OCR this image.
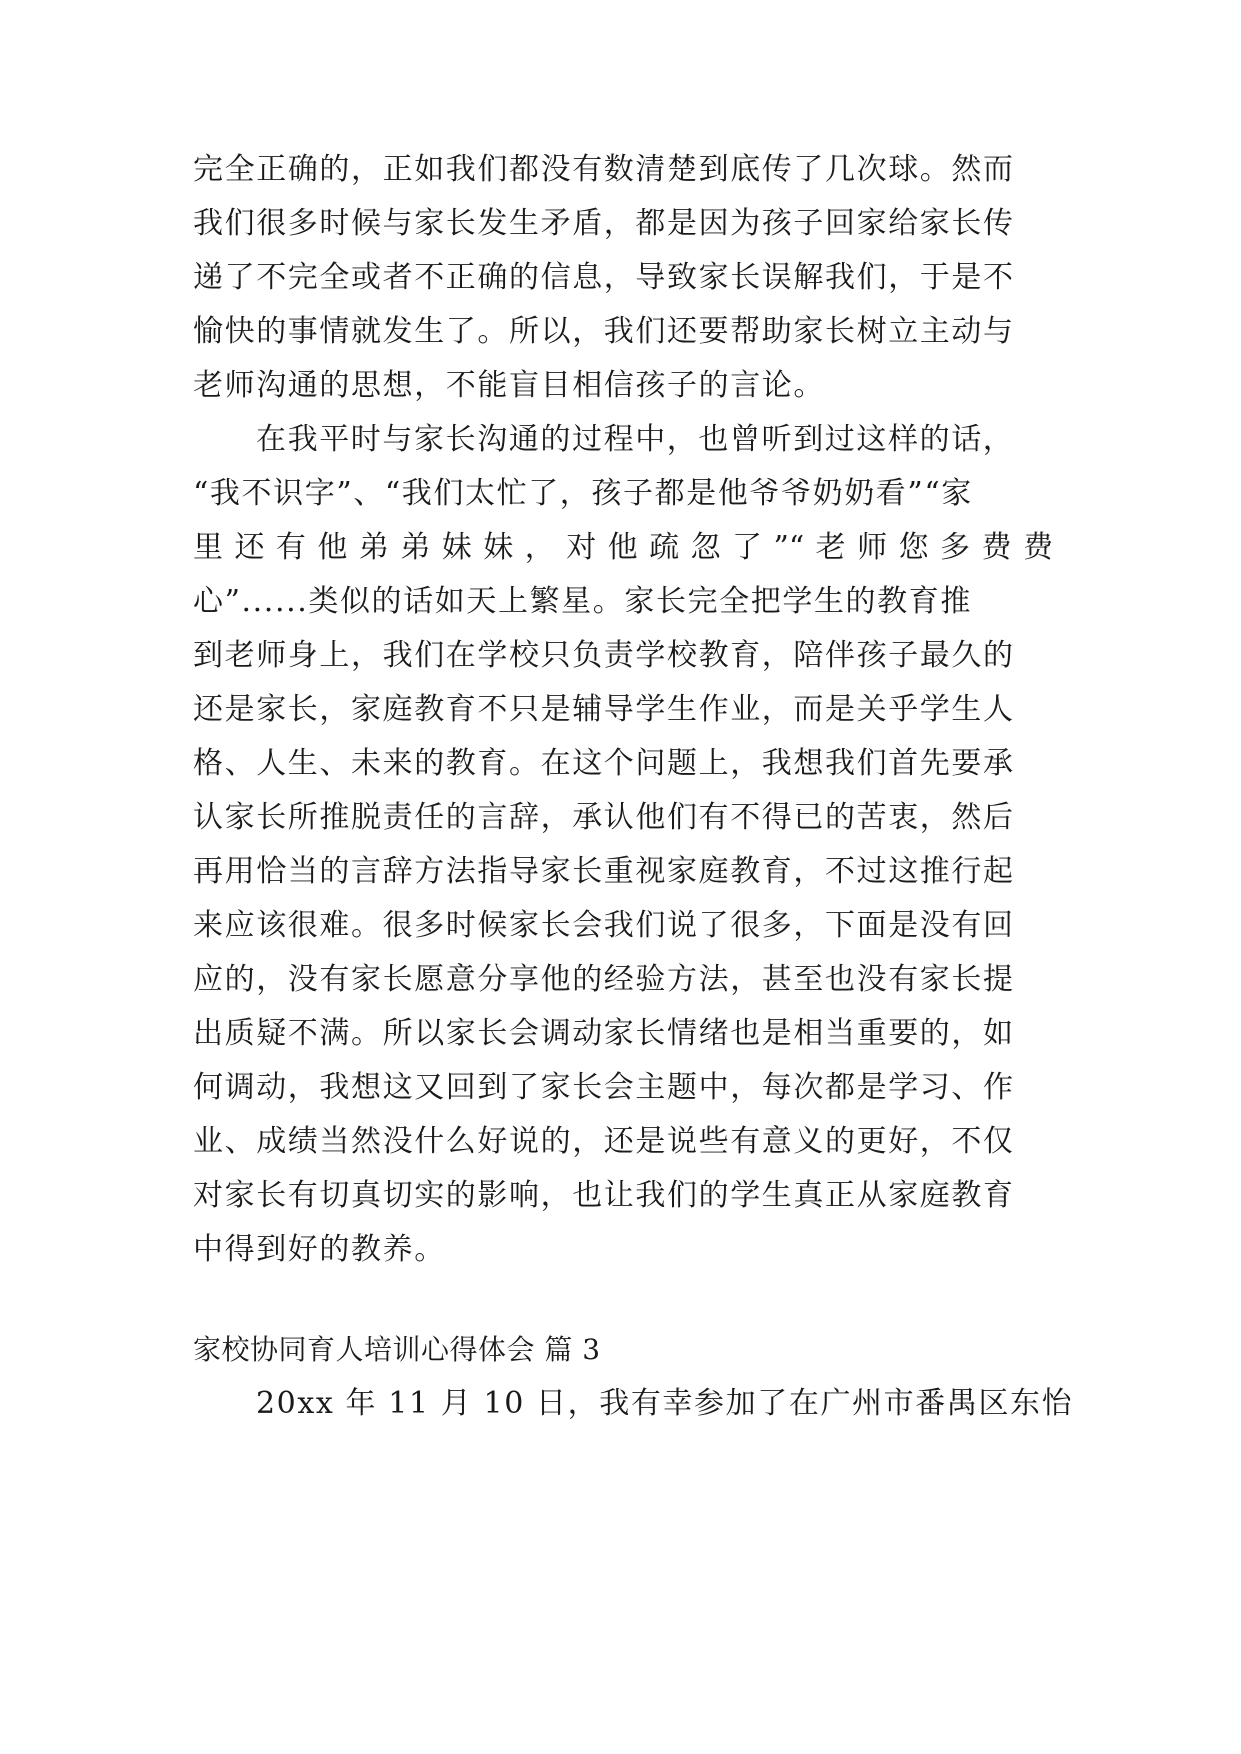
完全正确的，正如我们都没有数清楚到底传了几次球。然而
我们很多时候与家长发生矛盾，都是因为孩子回家给家长传
递了不完全或者不正确的信息，导致家长误解我们，于是不
愉快的事情就发生了。所以，我们还要帮助家长树立主动与
老师沟通的思想，不能盲目相信孩子的言论。
在我平时与家长沟通的过程中，也曾听到过这样的话，
“我不识字”、“我们太忙了，孩子都是他爷爷奶奶看”“家
里还有他弟弟妹妹，对他疏忽了”“老师您多费费
心”......类似的话如天上繁星。家长完全把学生的教育推
到老师身上，我们在学校只负责学校教育，陪伴孩子最久的
还是家长，家庭教育不只是辅导学生作业，而是关乎学生人
格、人生、未来的教育。在这个问题上，我想我们首先要承
认家长所推脱责任的言辞，承认他们有不得已的苦衷，然后
再用恰当的言辞方法指导家长重视家庭教育，不过这推行起
来应该很难。很多时候家长会我们说了很多，下面是没有回
应的，没有家长愿意分享他的经验方法，甚至也没有家长提
出质疑不满。所以家长会调动家长情绪也是相当重要的，如
何调动，我想这又回到了家长会主题中，每次都是学习、作
业、成绩当然没什么好说的，还是说些有意义的更好，不仅
对家长有切真切实的影响，也让我们的学生真正从家庭教育
中得到好的教养。
家校协同育人培训心得体会 篇 3
20xx 年 11 月 10 日，我有幸参加了在广州市番禺区东怡
